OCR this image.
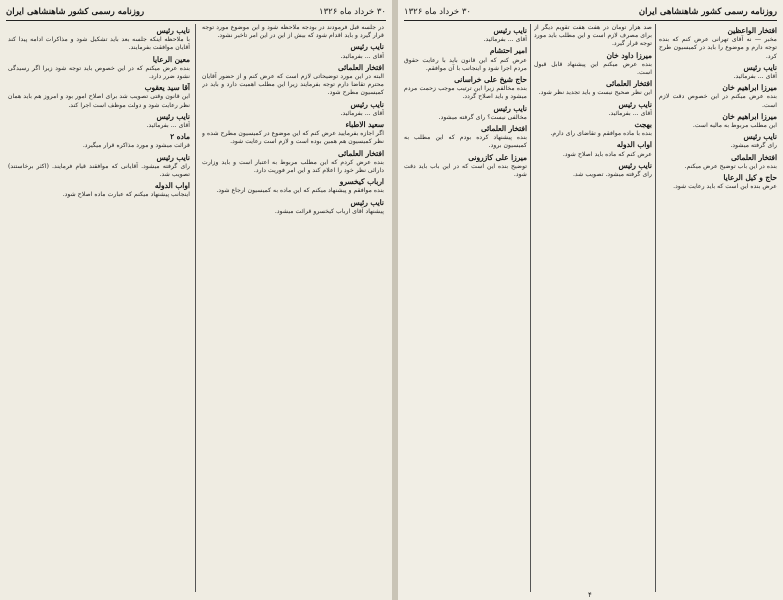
۳۰ خرداد ماه ۱۳۲۶
روزنامه رسمی کشور شاهنشاهی ایران

در جلسه قبل فرمودند در بودجه ملاحظه شود و این موضوع مورد توجه قرار گیرد و باید اقدام شود که بیش از این در این امر تاخیر نشود.

نایب رئیس

آقای ... بفرمائید.

افتخار العلمائی

البته در این مورد توضیحاتی لازم است که عرض کنم و از حضور آقایان محترم تقاضا دارم توجه بفرمایند زیرا این مطلب اهمیت دارد و باید در کمیسیون مطرح شود.

نایب رئیس

آقای ... بفرمائید.

سعید الاطباء

اگر اجازه بفرمایید عرض کنم که این موضوع در کمیسیون مطرح شده و نظر کمیسیون هم همین بوده است و لازم است رعایت شود.

افتخار العلمائی

بنده عرض کردم که این مطلب مربوط به اعتبار است و باید وزارت دارائی نظر خود را اعلام کند و این امر فوریت دارد.

ارباب کیخسرو

بنده موافقم و پیشنهاد میکنم که این ماده به کمیسیون ارجاع شود.

نایب رئیس

پیشنهاد آقای ارباب کیخسرو قرائت میشود.

نایب رئیس

با ملاحظه اینکه جلسه بعد باید تشکیل شود و مذاکرات ادامه پیدا کند آقایان موافقت بفرمایند.

معین الرعایا

بنده عرض میکنم که در این خصوص باید توجه شود زیرا اگر رسیدگی نشود ضرر دارد.

آقا سید یعقوب

این قانون وقتی تصویب شد برای اصلاح امور بود و امروز هم باید همان نظر رعایت شود و دولت موظف است اجرا کند.

نایب رئیس

آقای ... بفرمائید.

ماده ۲

قرائت میشود و مورد مذاکره قرار میگیرد.

نایب رئیس

رای گرفته میشود. آقایانی که موافقند قیام فرمایند. (اکثر برخاستند) تصویب شد.

اواب الدوله

اینجانب پیشنهاد میکنم که عبارت ماده اصلاح شود.

روزنامه رسمی کشور شاهنشاهی ایران
۳۰ خرداد ماه ۱۳۲۶
افتخار الواعظین

مخبر — نه آقای تهرانی عرض کنم که بنده توجه دارم و موضوع را باید در کمیسیون طرح کرد.

نایب رئیس

آقای ... بفرمائید.

میرزا ابراهیم خان

بنده عرض میکنم در این خصوص دقت لازم است.

میرزا ابراهیم خان

این مطلب مربوط به مالیه است.

نایب رئیس

رای گرفته میشود.

افتخار العلمائی

بنده در این باب توضیح عرض میکنم.

حاج و کیل الرعایا

عرض بنده این است که باید رعایت شود.

صد هزار تومان در هفت هفت تقویم دیگر از برای مصرف لازم است و این مطلب باید مورد توجه قرار گیرد.

میرزا داود خان

بنده عرض میکنم این پیشنهاد قابل قبول است.

افتخار العلمائی

این نظر صحیح نیست و باید تجدید نظر شود.

نایب رئیس

آقای ... بفرمائید.

بهجت

بنده با ماده موافقم و تقاضای رای دارم.

اواب الدوله

عرض کنم که ماده باید اصلاح شود.

نایب رئیس

رای گرفته میشود. تصویب شد.

نایب رئیس

آقای ... بفرمائید.

امیر احتشام

عرض کنم که این قانون باید با رعایت حقوق مردم اجرا شود و اینجانب با آن موافقم.

حاج شیخ علی خراسانی

بنده مخالفم زیرا این ترتیب موجب زحمت مردم میشود و باید اصلاح گردد.

نایب رئیس

مخالفی نیست؟ رای گرفته میشود.

افتخار العلمائی

بنده پیشنهاد کرده بودم که این مطلب به کمیسیون برود.

میرزا علی کازرونی

توضیح بنده این است که در این باب باید دقت شود.

۴
